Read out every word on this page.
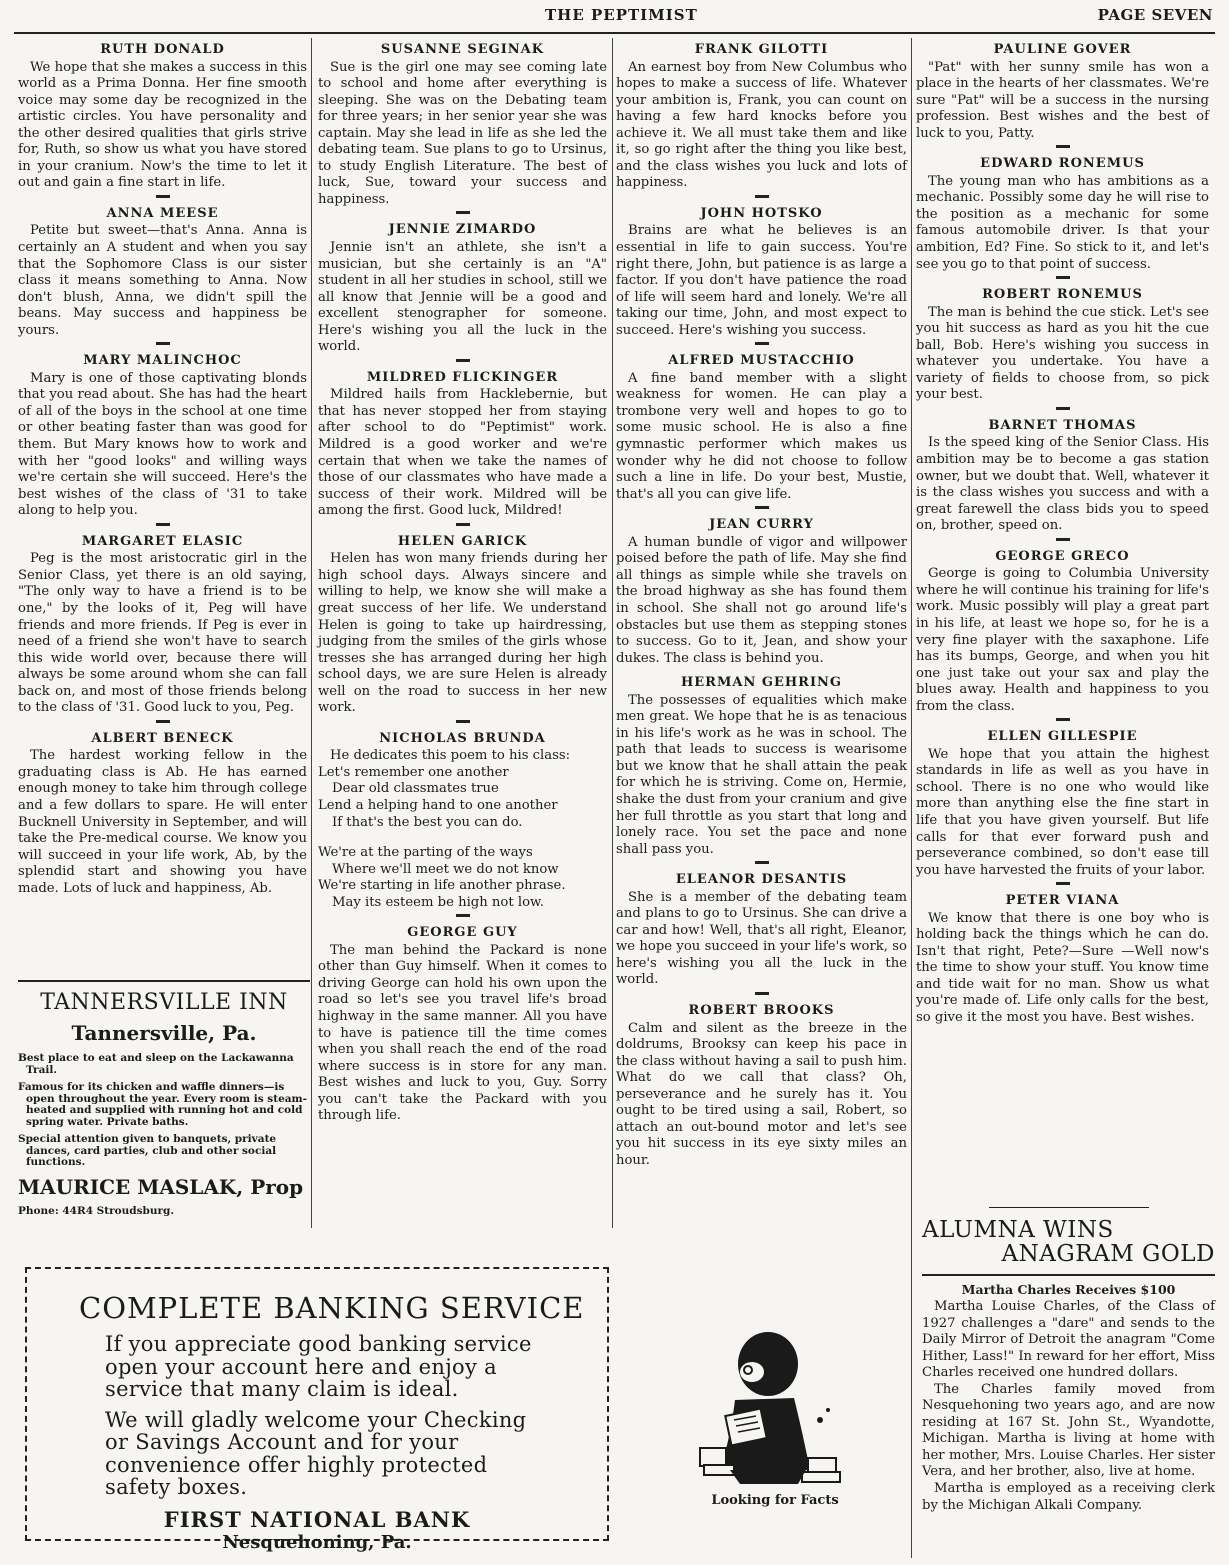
THE PEPTIMIST	PAGE SEVEN
RUTH DONALD

We hope that she makes a success in this world as a Prima Donna. Her fine smooth voice may some day be recognized in the artistic circles. You have personality and the other desired qualities that girls strive for, Ruth, so show us what you have stored in your cranium. Now's the time to let it out and gain a fine start in life.

ANNA MEESE

Petite but sweet—that's Anna. Anna is certainly an A student and when you say that the Sophomore Class is our sister class it means something to Anna. Now don't blush, Anna, we didn't spill the beans. May success and happiness be yours.

MARY MALINCHOC

Mary is one of those captivating blonds that you read about. She has had the heart of all of the boys in the school at one time or other beating faster than was good for them. But Mary knows how to work and with her "good looks" and willing ways we're certain she will succeed. Here's the best wishes of the class of '31 to take along to help you.

MARGARET ELASIC

Peg is the most aristocratic girl in the Senior Class, yet there is an old saying, "The only way to have a friend is to be one," by the looks of it, Peg will have friends and more friends. If Peg is ever in need of a friend she won't have to search this wide world over, because there will always be some around whom she can fall back on, and most of those friends belong to the class of '31. Good luck to you, Peg.

ALBERT BENECK

The hardest working fellow in the graduating class is Ab. He has earned enough money to take him through college and a few dollars to spare. He will enter Bucknell University in September, and will take the Pre-medical course. We know you will succeed in your life work, Ab, by the splendid start and showing you have made. Lots of luck and happiness, Ab.

TANNERSVILLE INN
Tannersville, Pa.
Best place to eat and sleep on the Lackawanna Trail.
Famous for its chicken and waffle dinners—is open throughout the year. Every room is steam-heated and supplied with running hot and cold spring water. Private baths.
Special attention given to banquets, private dances, card parties, club and other social functions.
MAURICE MASLAK, Prop
Phone: 44R4 Stroudsburg.
SUSANNE SEGINAK

Sue is the girl one may see coming late to school and home after everything is sleeping. She was on the Debating team for three years; in her senior year she was captain. May she lead in life as she led the debating team. Sue plans to go to Ursinus, to study English Literature. The best of luck, Sue, toward your success and happiness.

JENNIE ZIMARDO

Jennie isn't an athlete, she isn't a musician, but she certainly is an "A" student in all her studies in school, still we all know that Jennie will be a good and excellent stenographer for someone. Here's wishing you all the luck in the world.

MILDRED FLICKINGER

Mildred hails from Hacklebernie, but that has never stopped her from staying after school to do "Peptimist" work. Mildred is a good worker and we're certain that when we take the names of those of our classmates who have made a success of their work. Mildred will be among the first. Good luck, Mildred!

HELEN GARICK

Helen has won many friends during her high school days. Always sincere and willing to help, we know she will make a great success of her life. We understand Helen is going to take up hairdressing, judging from the smiles of the girls whose tresses she has arranged during her high school days, we are sure Helen is already well on the road to success in her new work.

NICHOLAS BRUNDA
He dedicates this poem to his class:
Let's remember one another
Dear old classmates true
Lend a helping hand to one another
If that's the best you can do.
We're at the parting of the ways
Where we'll meet we do not know
We're starting in life another phrase.
May its esteem be high not low.
GEORGE GUY

The man behind the Packard is none other than Guy himself. When it comes to driving George can hold his own upon the road so let's see you travel life's broad highway in the same manner. All you have to have is patience till the time comes when you shall reach the end of the road where success is in store for any man. Best wishes and luck to you, Guy. Sorry you can't take the Packard with you through life.

FRANK GILOTTI

An earnest boy from New Columbus who hopes to make a success of life. Whatever your ambition is, Frank, you can count on having a few hard knocks before you achieve it. We all must take them and like it, so go right after the thing you like best, and the class wishes you luck and lots of happiness.

JOHN HOTSKO

Brains are what he believes is an essential in life to gain success. You're right there, John, but patience is as large a factor. If you don't have patience the road of life will seem hard and lonely. We're all taking our time, John, and most expect to succeed. Here's wishing you success.

ALFRED MUSTACCHIO

A fine band member with a slight weakness for women. He can play a trombone very well and hopes to go to some music school. He is also a fine gymnastic performer which makes us wonder why he did not choose to follow such a line in life. Do your best, Mustie, that's all you can give life.

JEAN CURRY

A human bundle of vigor and willpower poised before the path of life. May she find all things as simple while she travels on the broad highway as she has found them in school. She shall not go around life's obstacles but use them as stepping stones to success. Go to it, Jean, and show your dukes. The class is behind you.

HERMAN GEHRING

The possesses of equalities which make men great. We hope that he is as tenacious in his life's work as he was in school. The path that leads to success is wearisome but we know that he shall attain the peak for which he is striving. Come on, Hermie, shake the dust from your cranium and give her full throttle as you start that long and lonely race. You set the pace and none shall pass you.

ELEANOR DESANTIS

She is a member of the debating team and plans to go to Ursinus. She can drive a car and how! Well, that's all right, Eleanor, we hope you succeed in your life's work, so here's wishing you all the luck in the world.

ROBERT BROOKS

Calm and silent as the breeze in the doldrums, Brooksy can keep his pace in the class without having a sail to push him. What do we call that class? Oh, perseverance and he surely has it. You ought to be tired using a sail, Robert, so attach an out-bound motor and let's see you hit success in its eye sixty miles an hour.

PAULINE GOVER

"Pat" with her sunny smile has won a place in the hearts of her classmates. We're sure "Pat" will be a success in the nursing profession. Best wishes and the best of luck to you, Patty.

EDWARD RONEMUS

The young man who has ambitions as a mechanic. Possibly some day he will rise to the position as a mechanic for some famous automobile driver. Is that your ambition, Ed? Fine. So stick to it, and let's see you go to that point of success.

ROBERT RONEMUS

The man is behind the cue stick. Let's see you hit success as hard as you hit the cue ball, Bob. Here's wishing you success in whatever you undertake. You have a variety of fields to choose from, so pick your best.

BARNET THOMAS

Is the speed king of the Senior Class. His ambition may be to become a gas station owner, but we doubt that. Well, whatever it is the class wishes you success and with a great farewell the class bids you to speed on, brother, speed on.

GEORGE GRECO

George is going to Columbia University where he will continue his training for life's work. Music possibly will play a great part in his life, at least we hope so, for he is a very fine player with the saxaphone. Life has its bumps, George, and when you hit one just take out your sax and play the blues away. Health and happiness to you from the class.

ELLEN GILLESPIE

We hope that you attain the highest standards in life as well as you have in school. There is no one who would like more than anything else the fine start in life that you have given yourself. But life calls for that ever forward push and perseverance combined, so don't ease till you have harvested the fruits of your labor.

PETER VIANA

We know that there is one boy who is holding back the things which he can do. Isn't that right, Pete?—Sure —Well now's the time to show your stuff. You know time and tide wait for no man. Show us what you're made of. Life only calls for the best, so give it the most you have. Best wishes.

COMPLETE BANKING SERVICE
If you appreciate good banking service open your account here and enjoy a service that many claim is ideal.
We will gladly welcome your Checking or Savings Account and for your convenience offer highly protected safety boxes.
FIRST NATIONAL BANK
Nesquehoning, Pa.
Looking for Facts
ALUMNA WINS
ANAGRAM GOLD
Martha Charles Receives $100

Martha Louise Charles, of the Class of 1927 challenges a "dare" and sends to the Daily Mirror of Detroit the anagram "Come Hither, Lass!" In reward for her effort, Miss Charles received one hundred dollars.

The Charles family moved from Nesquehoning two years ago, and are now residing at 167 St. John St., Wyandotte, Michigan. Martha is living at home with her mother, Mrs. Louise Charles. Her sister Vera, and her brother, also, live at home.

Martha is employed as a receiving clerk by the Michigan Alkali Company.
